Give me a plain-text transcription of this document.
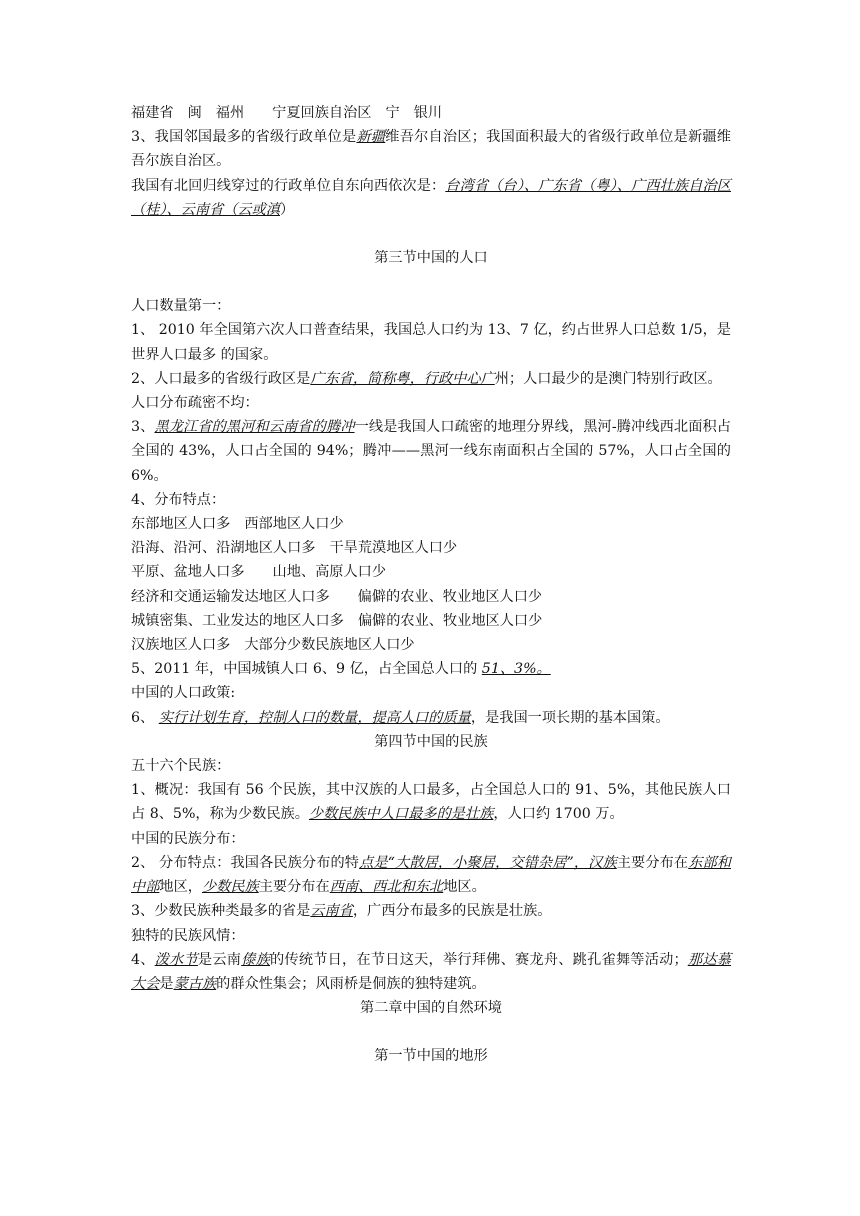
福建省 闽 福州 宁夏回族自治区 宁 银川
3、我国邻国最多的省级行政单位是新疆维吾尔自治区；我国面积最大的省级行政单位是新疆维吾尔族自治区。
我国有北回归线穿过的行政单位自东向西依次是：台湾省（台）、广东省（粤）、广西壮族自治区（桂）、云南省（云或滇）
第三节中国的人口
人口数量第一：
1、 2010 年全国第六次人口普查结果，我国总人口约为 13、7 亿，约占世界人口总数 1/5，是世界人口最多 的国家。
2、人口最多的省级行政区是广东省，简称粤，行政中心广州；人口最少的是澳门特别行政区。
人口分布疏密不均：
3、黑龙江省的黑河和云南省的腾冲一线是我国人口疏密的地理分界线，黑河-腾冲线西北面积占全国的 43%，人口占全国的 94%；腾冲——黑河一线东南面积占全国的 57%，人口占全国的 6%。
4、分布特点：
东部地区人口多 西部地区人口少
沿海、沿河、沿湖地区人口多 干旱荒漠地区人口少
平原、盆地人口多 山地、高原人口少
经济和交通运输发达地区人口多 偏僻的农业、牧业地区人口少
城镇密集、工业发达的地区人口多 偏僻的农业、牧业地区人口少
汉族地区人口多 大部分少数民族地区人口少
5、2011 年，中国城镇人口 6、9 亿，占全国总人口的 51、3%。
中国的人口政策:
6、 实行计划生育，控制人口的数量，提高人口的质量，是我国一项长期的基本国策。
第四节中国的民族
五十六个民族：
1、概况：我国有 56 个民族，其中汉族的人口最多，占全国总人口的 91、5%，其他民族人口占 8、5%，称为少数民族。少数民族中人口最多的是壮族，人口约 1700 万。
中国的民族分布：
2、 分布特点：我国各民族分布的特点是“大散居，小聚居，交错杂居”，汉族主要分布在东部和中部地区，少数民族主要分布在西南、西北和东北地区。
3、少数民族种类最多的省是云南省，广西分布最多的民族是壮族。
独特的民族风情：
4、泼水节是云南傣族的传统节日，在节日这天，举行拜佛、赛龙舟、跳孔雀舞等活动；那达慕大会是蒙古族的群众性集会；风雨桥是侗族的独特建筑。
第二章中国的自然环境
第一节中国的地形
